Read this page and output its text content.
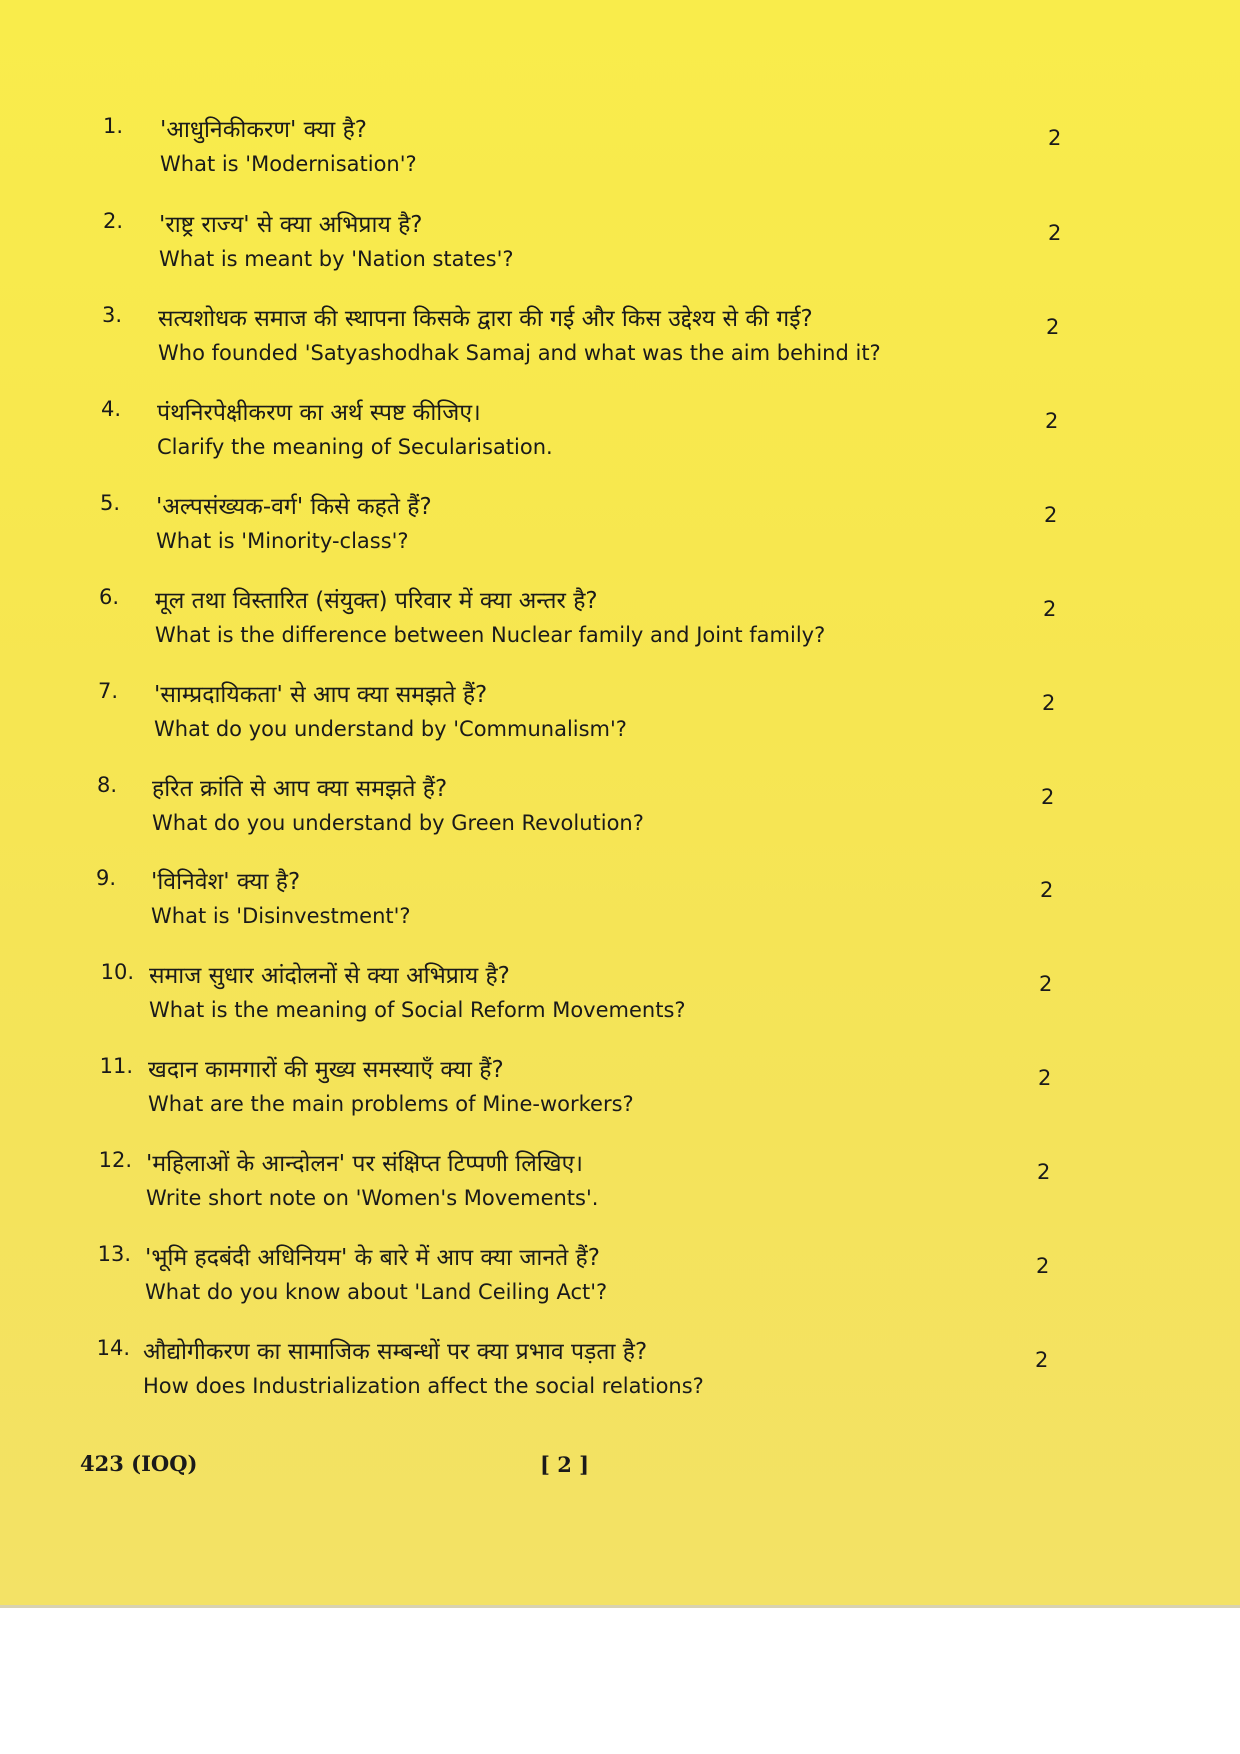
1. 'आधुनिकीकरण' क्या है?
What is 'Modernisation'?
2
2. 'राष्ट्र राज्य' से क्या अभिप्राय है?
What is meant by 'Nation states'?
2
3. सत्यशोधक समाज की स्थापना किसके द्वारा की गई और किस उद्देश्य से की गई?
Who founded 'Satyashodhak Samaj and what was the aim behind it?
2
4. पंथनिरपेक्षीकरण का अर्थ स्पष्ट कीजिए।
Clarify the meaning of Secularisation.
2
5. 'अल्पसंख्यक-वर्ग' किसे कहते हैं?
What is 'Minority-class'?
2
6. मूल तथा विस्तारित (संयुक्त) परिवार में क्या अन्तर है?
What is the difference between Nuclear family and Joint family?
2
7. 'साम्प्रदायिकता' से आप क्या समझते हैं?
What do you understand by 'Communalism'?
2
8. हरित क्रांति से आप क्या समझते हैं?
What do you understand by Green Revolution?
2
9. 'विनिवेश' क्या है?
What is 'Disinvestment'?
2
10. समाज सुधार आंदोलनों से क्या अभिप्राय है?
What is the meaning of Social Reform Movements?
2
11. खदान कामगारों की मुख्य समस्याएँ क्या हैं?
What are the main problems of Mine-workers?
2
12. 'महिलाओं के आन्दोलन' पर संक्षिप्त टिप्पणी लिखिए।
Write short note on 'Women's Movements'.
2
13. 'भूमि हदबंदी अधिनियम' के बारे में आप क्या जानते हैं?
What do you know about 'Land Ceiling Act'?
2
14. औद्योगीकरण का सामाजिक सम्बन्धों पर क्या प्रभाव पड़ता है?
How does Industrialization affect the social relations?
2
423 (IOQ)	[ 2 ]
